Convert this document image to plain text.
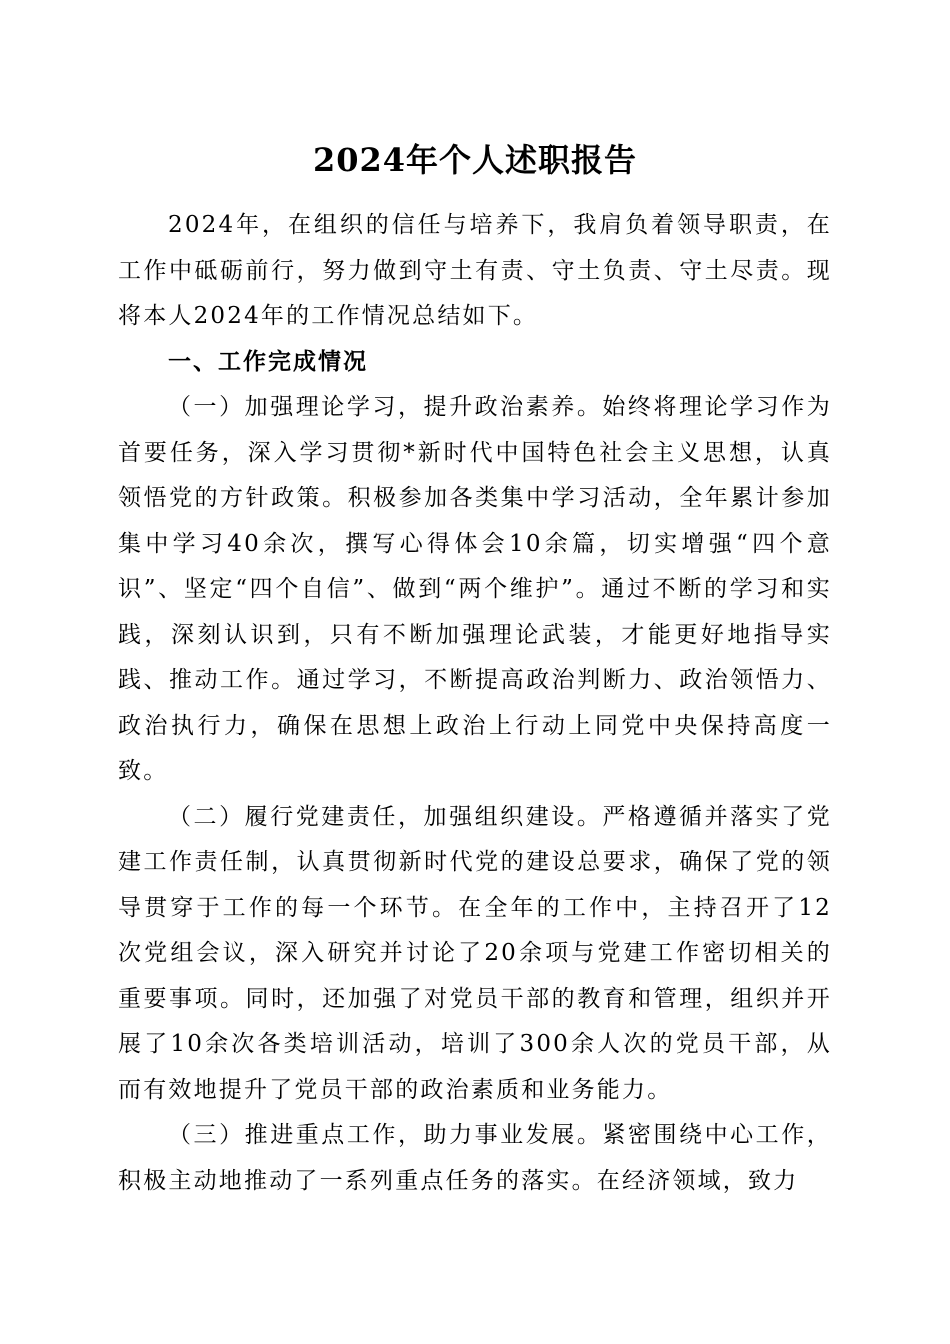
2024年个人述职报告

2024年，在组织的信任与培养下，我肩负着领导职责，在工作中砥砺前行，努力做到守土有责、守土负责、守土尽责。现将本人2024年的工作情况总结如下。

一、工作完成情况

（一）加强理论学习，提升政治素养。始终将理论学习作为首要任务，深入学习贯彻*新时代中国特色社会主义思想，认真领悟党的方针政策。积极参加各类集中学习活动，全年累计参加集中学习40余次，撰写心得体会10余篇，切实增强“四个意识”、坚定“四个自信”、做到“两个维护”。通过不断的学习和实践，深刻认识到，只有不断加强理论武装，才能更好地指导实践、推动工作。通过学习，不断提高政治判断力、政治领悟力、政治执行力，确保在思想上政治上行动上同党中央保持高度一致。

（二）履行党建责任，加强组织建设。严格遵循并落实了党建工作责任制，认真贯彻新时代党的建设总要求，确保了党的领导贯穿于工作的每一个环节。在全年的工作中，主持召开了12次党组会议，深入研究并讨论了20余项与党建工作密切相关的重要事项。同时，还加强了对党员干部的教育和管理，组织并开展了10余次各类培训活动，培训了300余人次的党员干部，从而有效地提升了党员干部的政治素质和业务能力。

（三）推进重点工作，助力事业发展。紧密围绕中心工作，积极主动地推动了一系列重点任务的落实。在经济领域，致力
